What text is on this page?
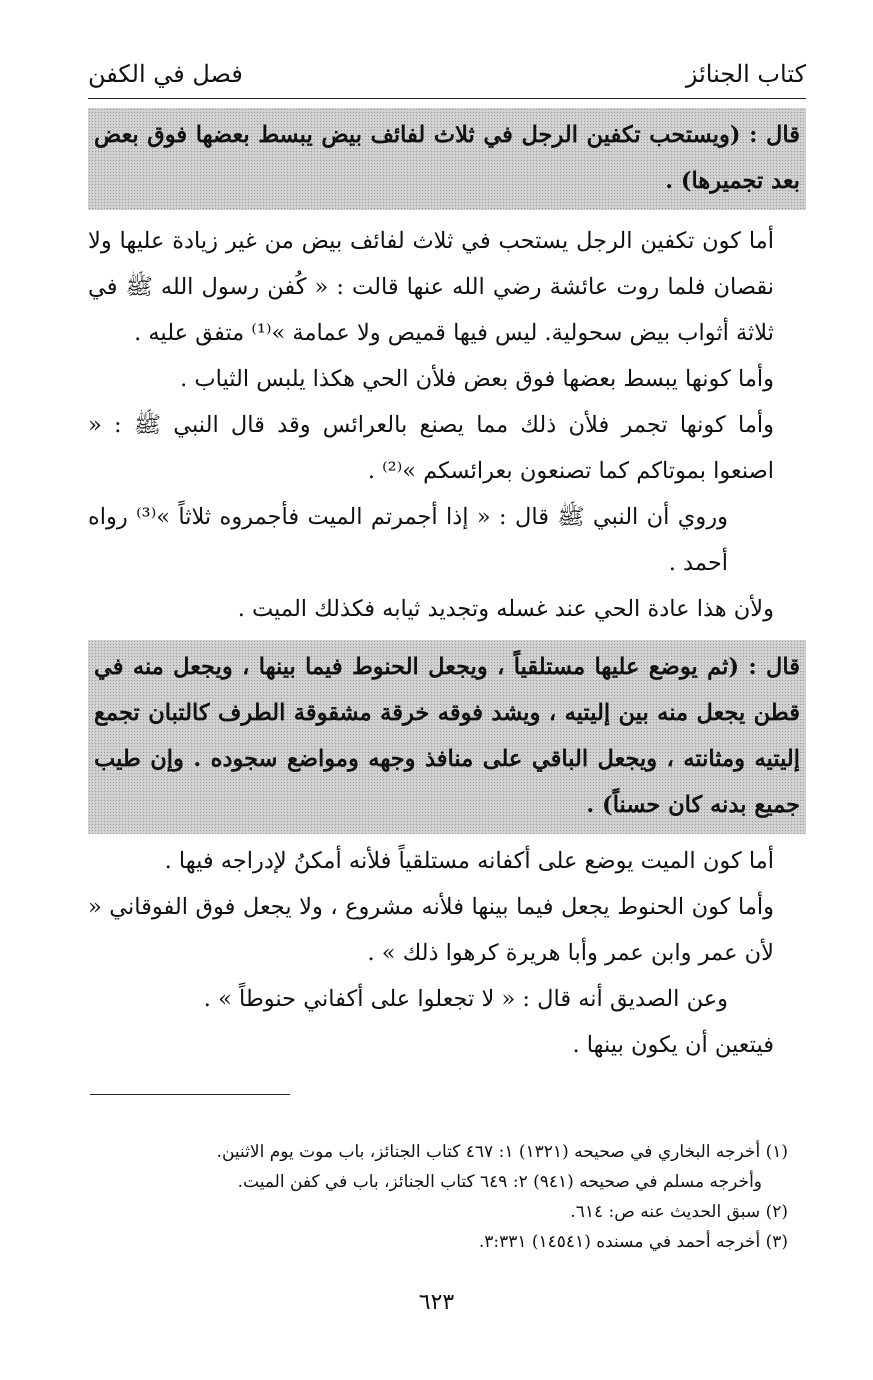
كتاب الجنائز
فصل في الكفن

قال : (ويستحب تكفين الرجل في ثلاث لفائف بيض يبسط بعضها فوق بعض بعد تجميرها) .

أما كون تكفين الرجل يستحب في ثلاث لفائف بيض من غير زيادة عليها ولا نقصان فلما روت عائشة رضي الله عنها قالت : « كُفن رسول الله ﷺ في ثلاثة أثواب بيض سحولية. ليس فيها قميص ولا عمامة »⁽¹⁾ متفق عليه .

وأما كونها يبسط بعضها فوق بعض فلأن الحي هكذا يلبس الثياب .

وأما كونها تجمر فلأن ذلك مما يصنع بالعرائس وقد قال النبي ﷺ : « اصنعوا بموتاكم كما تصنعون بعرائسكم »⁽²⁾ .

وروي أن النبي ﷺ قال : « إذا أجمرتم الميت فأجمروه ثلاثاً »⁽³⁾ رواه أحمد .

ولأن هذا عادة الحي عند غسله وتجديد ثيابه فكذلك الميت .

قال : (ثم يوضع عليها مستلقياً ، ويجعل الحنوط فيما بينها ، ويجعل منه في قطن يجعل منه بين إليتيه ، ويشد فوقه خرقة مشقوقة الطرف كالتبان تجمع إليتيه ومثانته ، ويجعل الباقي على منافذ وجهه ومواضع سجوده . وإن طيب جميع بدنه كان حسناً) .

أما كون الميت يوضع على أكفانه مستلقياً فلأنه أمكنُ لإدراجه فيها .

وأما كون الحنوط يجعل فيما بينها فلأنه مشروع ، ولا يجعل فوق الفوقاني « لأن عمر وابن عمر وأبا هريرة كرهوا ذلك » .

وعن الصديق أنه قال : « لا تجعلوا على أكفاني حنوطاً » .

فيتعين أن يكون بينها .

(١) أخرجه البخاري في صحيحه (١٣٢١) ١: ٤٦٧ كتاب الجنائز، باب موت يوم الاثنين.

وأخرجه مسلم في صحيحه (٩٤١) ٢: ٦٤٩ كتاب الجنائز، باب في كفن الميت.

(٢) سبق الحديث عنه ص: ٦١٤.

(٣) أخرجه أحمد في مسنده (١٤٥٤١) ٣:٣٣١.

٦٢٣
